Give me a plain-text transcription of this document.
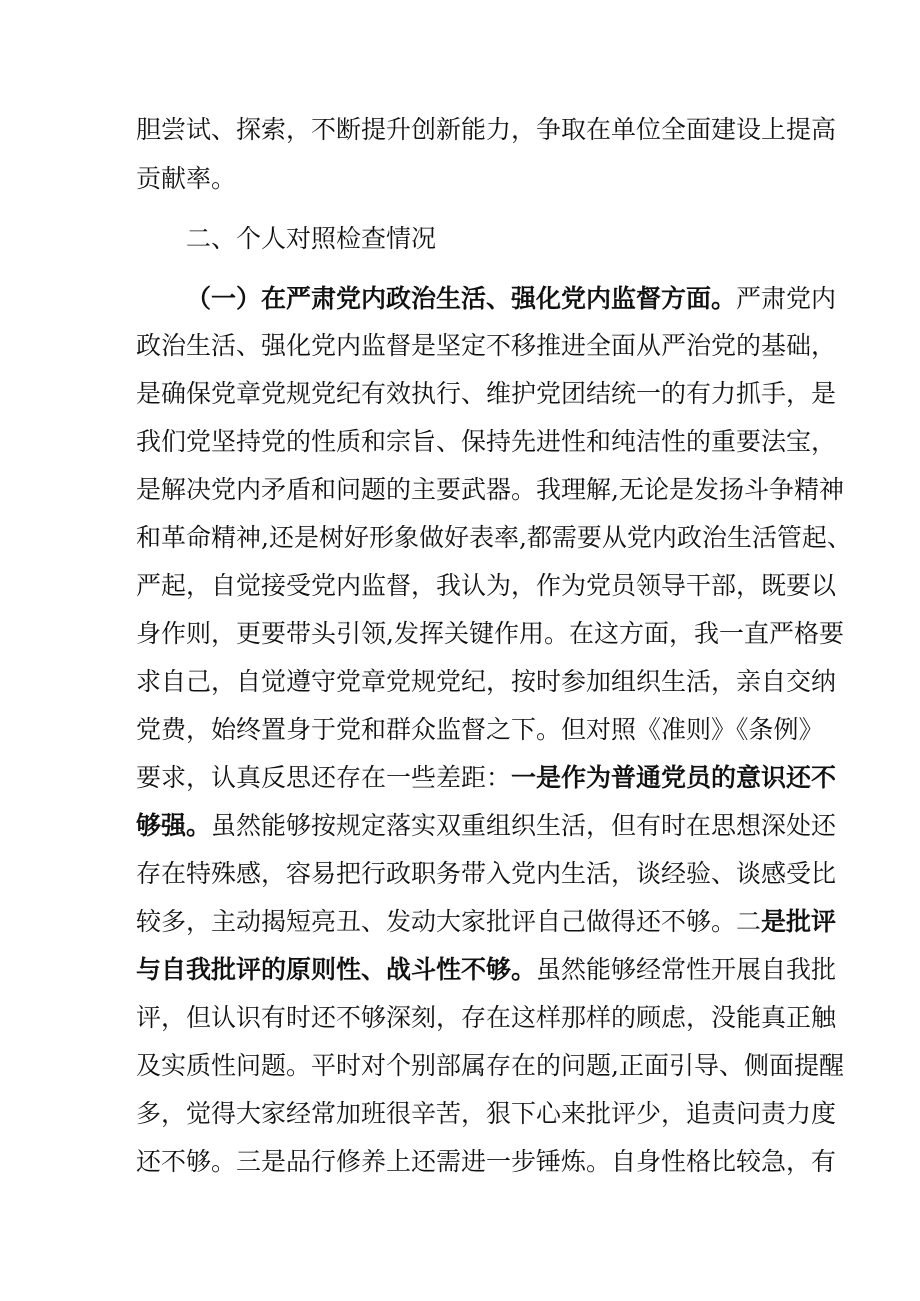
胆尝试、探索，不断提升创新能力，争取在单位全面建设上提高
贡献率。
二、个人对照检查情况
（一）在严肃党内政治生活、强化党内监督方面。严肃党内
政治生活、强化党内监督是坚定不移推进全面从严治党的基础，
是确保党章党规党纪有效执行、维护党团结统一的有力抓手，是
我们党坚持党的性质和宗旨、保持先进性和纯洁性的重要法宝，
是解决党内矛盾和问题的主要武器。我理解,无论是发扬斗争精神
和革命精神,还是树好形象做好表率,都需要从党内政治生活管起、
严起，自觉接受党内监督，我认为，作为党员领导干部，既要以
身作则，更要带头引领,发挥关键作用。在这方面，我一直严格要
求自己，自觉遵守党章党规党纪，按时参加组织生活，亲自交纳
党费，始终置身于党和群众监督之下。但对照《准则》《条例》
要求，认真反思还存在一些差距：一是作为普通党员的意识还不
够强。虽然能够按规定落实双重组织生活，但有时在思想深处还
存在特殊感，容易把行政职务带入党内生活，谈经验、谈感受比
较多，主动揭短亮丑、发动大家批评自己做得还不够。二是批评
与自我批评的原则性、战斗性不够。虽然能够经常性开展自我批
评，但认识有时还不够深刻，存在这样那样的顾虑，没能真正触
及实质性问题。平时对个别部属存在的问题,正面引导、侧面提醒
多，觉得大家经常加班很辛苦，狠下心来批评少，追责问责力度
还不够。三是品行修养上还需进一步锤炼。自身性格比较急，有
